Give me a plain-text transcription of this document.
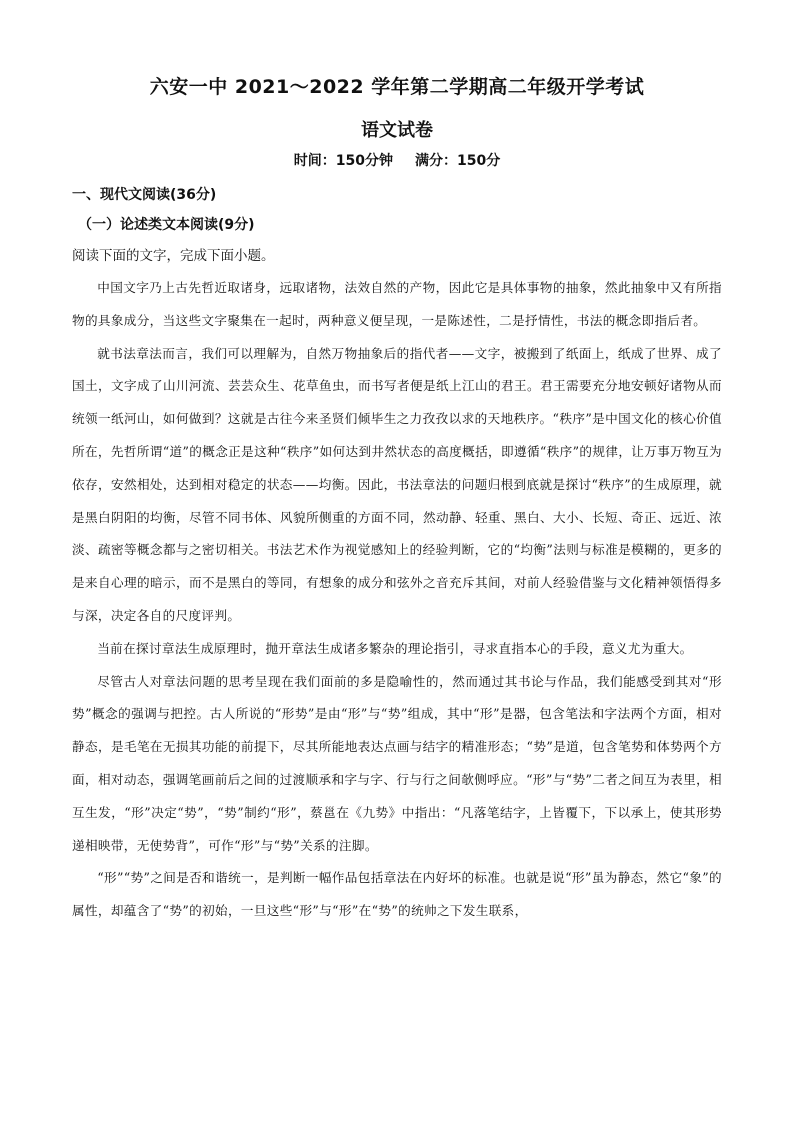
六安一中 2021～2022 学年第二学期高二年级开学考试
语文试卷
时间：150分钟 满分：150分
一、现代文阅读(36分)
（一）论述类文本阅读(9分)
阅读下面的文字，完成下面小题。

中国文字乃上古先哲近取诸身，远取诸物，法效自然的产物，因此它是具体事物的抽象，然此抽象中又有所指物的具象成分，当这些文字聚集在一起时，两种意义便呈现，一是陈述性，二是抒情性，书法的概念即指后者。

就书法章法而言，我们可以理解为，自然万物抽象后的指代者——文字，被搬到了纸面上，纸成了世界、成了国土，文字成了山川河流、芸芸众生、花草鱼虫，而书写者便是纸上江山的君王。君王需要充分地安顿好诸物从而统领一纸河山，如何做到？这就是古往今来圣贤们倾毕生之力孜孜以求的天地秩序。“秩序”是中国文化的核心价值所在，先哲所谓“道”的概念正是这种“秩序”如何达到井然状态的高度概括，即遵循“秩序”的规律，让万事万物互为依存，安然相处，达到相对稳定的状态——均衡。因此，书法章法的问题归根到底就是探讨“秩序”的生成原理，就是黑白阴阳的均衡，尽管不同书体、风貌所侧重的方面不同，然动静、轻重、黑白、大小、长短、奇正、远近、浓淡、疏密等概念都与之密切相关。书法艺术作为视觉感知上的经验判断，它的“均衡”法则与标准是模糊的，更多的是来自心理的暗示，而不是黑白的等同，有想象的成分和弦外之音充斥其间，对前人经验借鉴与文化精神领悟得多与深，决定各自的尺度评判。

当前在探讨章法生成原理时，抛开章法生成诸多繁杂的理论指引，寻求直指本心的手段，意义尤为重大。

尽管古人对章法问题的思考呈现在我们面前的多是隐喻性的，然而通过其书论与作品，我们能感受到其对“形势”概念的强调与把控。古人所说的“形势”是由“形”与“势”组成，其中“形”是器，包含笔法和字法两个方面，相对静态，是毛笔在无损其功能的前提下，尽其所能地表达点画与结字的精准形态；“势”是道，包含笔势和体势两个方面，相对动态，强调笔画前后之间的过渡顺承和字与字、行与行之间欹侧呼应。“形”与“势”二者之间互为表里，相互生发，“形”决定“势”，“势”制约“形”，蔡邕在《九势》中指出：“凡落笔结字，上皆覆下，下以承上，使其形势递相映带，无使势背”，可作“形”与“势”关系的注脚。

“形”“势”之间是否和谐统一，是判断一幅作品包括章法在内好坏的标准。也就是说“形”虽为静态，然它“象”的属性，却蕴含了“势”的初始，一旦这些“形”与“形”在“势”的统帅之下发生联系，
